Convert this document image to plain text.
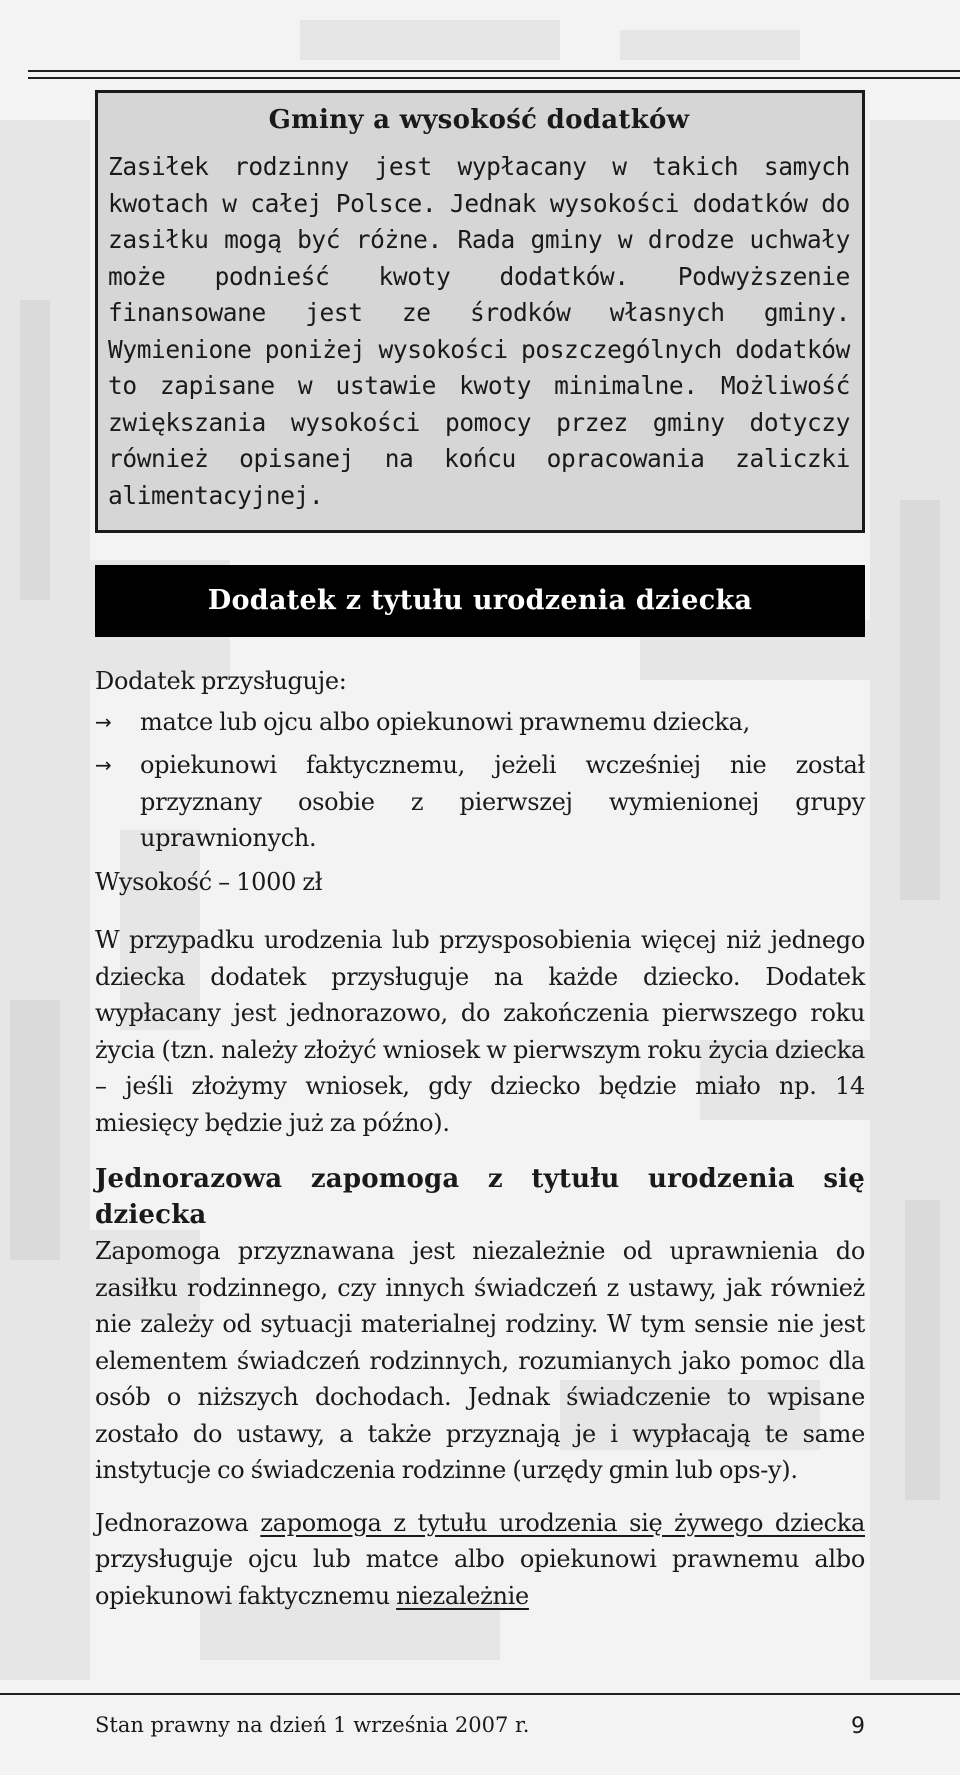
Gminy a wysokość dodatków

Zasiłek rodzinny jest wypłacany w takich samych kwotach w całej Polsce. Jednak wysokości dodatków do zasiłku mogą być różne. Rada gminy w drodze uchwały może podnieść kwoty dodatków. Podwyższenie finansowane jest ze środków własnych gminy. Wymienione poniżej wysokości poszczególnych dodatków to zapisane w ustawie kwoty minimalne. Możliwość zwiększania wysokości pomocy przez gminy dotyczy również opisanej na końcu opracowania zaliczki alimentacyjnej.

Dodatek z tytułu urodzenia dziecka

Dodatek przysługuje:

→	matce lub ojcu albo opiekunowi prawnemu dziecka,
→	opiekunowi faktycznemu, jeżeli wcześniej nie został przyznany osobie z pierwszej wymienionej grupy uprawnionych.

Wysokość – 1000 zł

W przypadku urodzenia lub przysposobienia więcej niż jednego dziecka dodatek przysługuje na każde dziecko. Dodatek wypłacany jest jednorazowo, do zakończenia pierwszego roku życia (tzn. należy złożyć wniosek w pierwszym roku życia dziecka – jeśli złożymy wniosek, gdy dziecko będzie miało np. 14 miesięcy będzie już za późno).

Jednorazowa zapomoga z tytułu urodzenia się dziecka

Zapomoga przyznawana jest niezależnie od uprawnienia do zasiłku rodzinnego, czy innych świadczeń z ustawy, jak również nie zależy od sytuacji materialnej rodziny. W tym sensie nie jest elementem świadczeń rodzinnych, rozumianych jako pomoc dla osób o niższych dochodach. Jednak świadczenie to wpisane zostało do ustawy, a także przyznają je i wypłacają te same instytucje co świadczenia rodzinne (urzędy gmin lub ops-y).

Jednorazowa zapomoga z tytułu urodzenia się żywego dziecka przysługuje ojcu lub matce albo opiekunowi prawnemu albo opiekunowi faktycznemu niezależnie

Stan prawny na dzień 1 września 2007 r.	9
